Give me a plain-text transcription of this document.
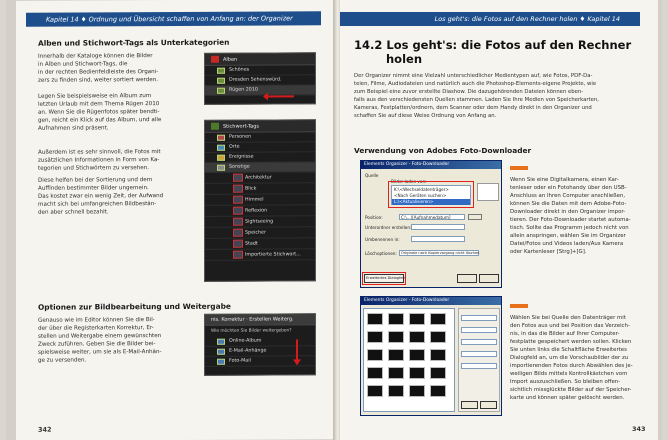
Kapitel 14 ♦ Ordnung und Übersicht schaffen von Anfang an: der Organizer
Alben und Stichwort-Tags als Unterkategorien
Innerhalb der Kataloge können die Bilder
in Alben und Stichwort-Tags, die
in der rechten Bedienfeldleiste des Organi-
zers zu finden sind, weiter sortiert werden.
Legen Sie beispielsweise ein Album zum
letzten Urlaub mit dem Thema Rügen 2010
an. Wenn Sie die Rügenfotos später bendti-
gen, reicht ein Klick auf das Album, und alle
Aufnahmen sind präsent.
Außerdem ist es sehr sinnvoll, die Fotos mit
zusätzlichen Informationen in Form von Ka-
tegorien und Stichwörtern zu versehen.
Diese helfen bei der Sortierung und dem
Auffinden bestimmter Bilder ungemein.
Das kostet zwar ein wenig Zeit, der Aufwand
macht sich bei umfangreichen Bildbestän-
den aber schnell bezahlt.
Alben
Schönes
Dresden Sehenswürd.
Rügen 2010
Stichwort-Tags
Personen
Orte
Ereignisse
Sonstige
Architektur
Blick
Himmel
Reflexion
Sightseeing
Speicher
Stadt
Importierte Stichwort...
Optionen zur Bildbearbeitung und Weitergabe
Genauso wie im Editor können Sie die Bil-
der über die Registerkarten Korrektur, Er-
stellen und Weitergabe einem gewünschten
Zweck zuführen. Geben Sie die Bilder bei-
spielsweise weiter, um sie als E-Mail-Anhän-
ge zu versenden.
nis. Korrektur · Erstellen Weiterg.
Wie möchten Sie Bilder weitergeben?
Online-Album
E-Mail-Anhänge
Foto-Mail
342
Los geht's: die Fotos auf den Rechner holen ♦ Kapitel 14
14.2 Los geht's: die Fotos auf den Rechner
holen
Der Organizer nimmt eine Vielzahl unterschiedlicher Medientypen auf, wie Fotos, PDF-Da-
teien, Filme, Audiodateien und natürlich auch die Photoshop-Elements-eigene Projekte, wie
zum Beispiel eine zuvor erstellte Diashow. Die dazugehörenden Dateien können eben-
falls aus den verschiedensten Quellen stammen. Laden Sie Ihre Medien von Speicherkarten,
Kameras, Festplatten/ordnern, dem Scanner oder dem Handy direkt in den Organizer und
schaffen Sie auf diese Weise Ordnung von Anfang an.
Verwendung von Adobes Foto-Downloader
Elements Organizer - Foto-Downloader
Quelle
Bilder laden von:
K:\<Wechseldatenträger>
<Nach Geräten suchen>
L:\<Aktualisieren>
Position:	C:\...\[Aufnahmedatum]
Unterordner erstellen:
Umbenennen in:
Löschoptionen: Originale nach Kopiervorgang nicht löschen
Erweitertes Dialogfeld
Wenn Sie eine Digitalkamera, einen Kar-
tenleser oder ein Fotohandy über den USB-
Anschluss an Ihren Computer anschließen,
können Sie die Daten mit dem Adobe-Foto-
Downloader direkt in den Organizer impor-
tieren. Der Foto-Downloader startet automa-
tisch. Sollte das Programm jedoch nicht von
allein anspringen, wählen Sie im Organizer
Datei/Fotos und Videos laden/Aus Kamera
oder Kartenleser [Strg]+[G].
Elements Organizer - Foto-Downloader
Wählen Sie bei Quelle den Datenträger mit
den Fotos aus und bei Position das Verzeich-
nis, in das die Bilder auf Ihrer Computer-
festplatte gespeichert werden sollen. Klicken
Sie unten links die Schaltfläche Erweitertes
Dialogfeld an, um die Vorschaubilder der zu
importierenden Fotos durch Abwählen des je-
weiligen Bilds mittels Kontrollkästchen vom
Import auszuschließen. So bleiben offen-
sichtlich missglückte Bilder auf der Speicher-
karte und können später gelöscht werden.
343
